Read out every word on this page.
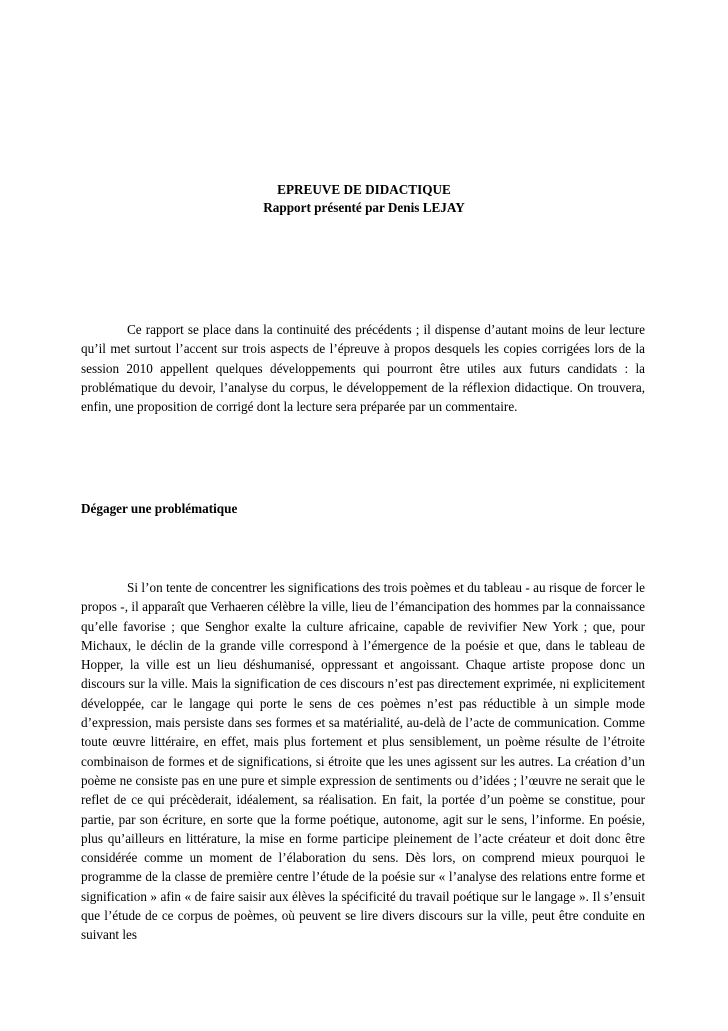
EPREUVE DE DIDACTIQUE
Rapport présenté par Denis LEJAY

Ce rapport se place dans la continuité des précédents ; il dispense d’autant moins de leur lecture qu’il met surtout l’accent sur trois aspects de l’épreuve à propos desquels les copies corrigées lors de la session 2010 appellent quelques développements qui pourront être utiles aux futurs candidats : la problématique du devoir, l’analyse du corpus, le développement de la réflexion didactique. On trouvera, enfin, une proposition de corrigé dont la lecture sera préparée par un commentaire.

Dégager une problématique

Si l’on tente de concentrer les significations des trois poèmes et du tableau - au risque de forcer le propos -, il apparaît que Verhaeren célèbre la ville, lieu de l’émancipation des hommes par la connaissance qu’elle favorise ; que Senghor exalte la culture africaine, capable de revivifier New York ; que, pour Michaux, le déclin de la grande ville correspond à l’émergence de la poésie et que, dans le tableau de Hopper, la ville est un lieu déshumanisé, oppressant et angoissant. Chaque artiste propose donc un discours sur la ville. Mais la signification de ces discours n’est pas directement exprimée, ni explicitement développée, car le langage qui porte le sens de ces poèmes n’est pas réductible à un simple mode d’expression, mais persiste dans ses formes et sa matérialité, au-delà de l’acte de communication. Comme toute œuvre littéraire, en effet, mais plus fortement et plus sensiblement, un poème résulte de l’étroite combinaison de formes et de significations, si étroite que les unes agissent sur les autres. La création d’un poème ne consiste pas en une pure et simple expression de sentiments ou d’idées ; l’œuvre ne serait que le reflet de ce qui précèderait, idéalement, sa réalisation. En fait, la portée d’un poème se constitue, pour partie, par son écriture, en sorte que la forme poétique, autonome, agit sur le sens, l’informe. En poésie, plus qu’ailleurs en littérature, la mise en forme participe pleinement de l’acte créateur et doit donc être considérée comme un moment de l’élaboration du sens. Dès lors, on comprend mieux pourquoi le programme de la classe de première centre l’étude de la poésie sur « l’analyse des relations entre forme et signification » afin « de faire saisir aux élèves la spécificité du travail poétique sur le langage ». Il s’ensuit que l’étude de ce corpus de poèmes, où peuvent se lire divers discours sur la ville, peut être conduite en suivant les
